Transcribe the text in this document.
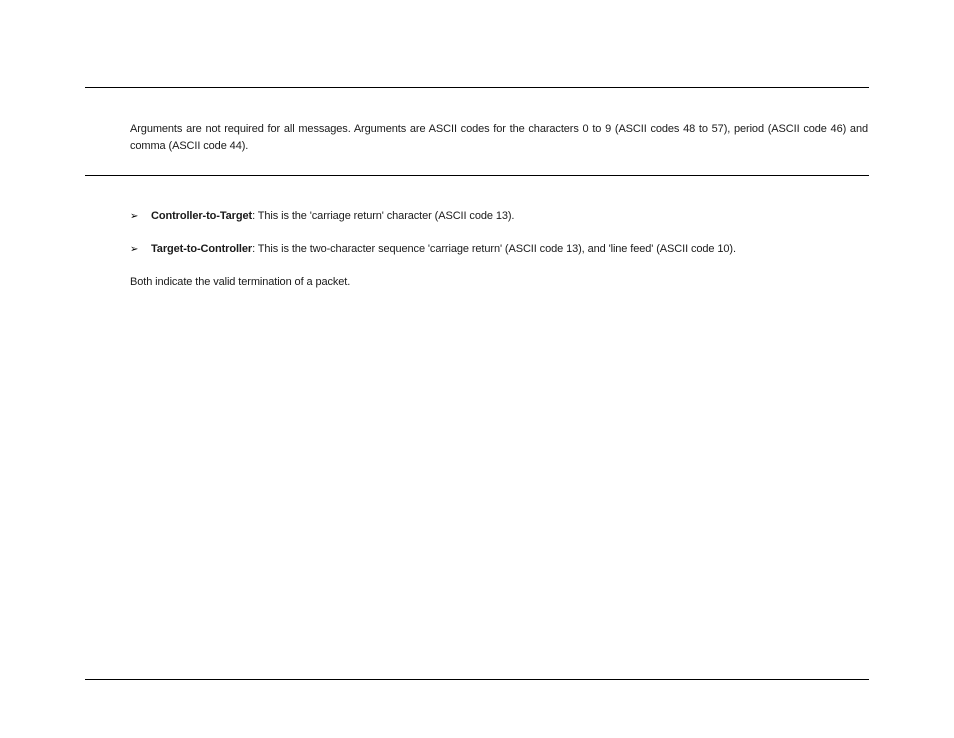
Arguments are not required for all messages. Arguments are ASCII codes for the characters 0 to 9 (ASCII codes 48 to 57), period (ASCII code 46) and comma (ASCII code 44).

➢	Controller-to-Target: This is the 'carriage return' character (ASCII code 13).
➢	Target-to-Controller: This is the two-character sequence 'carriage return' (ASCII code 13), and 'line feed' (ASCII code 10).

Both indicate the valid termination of a packet.
